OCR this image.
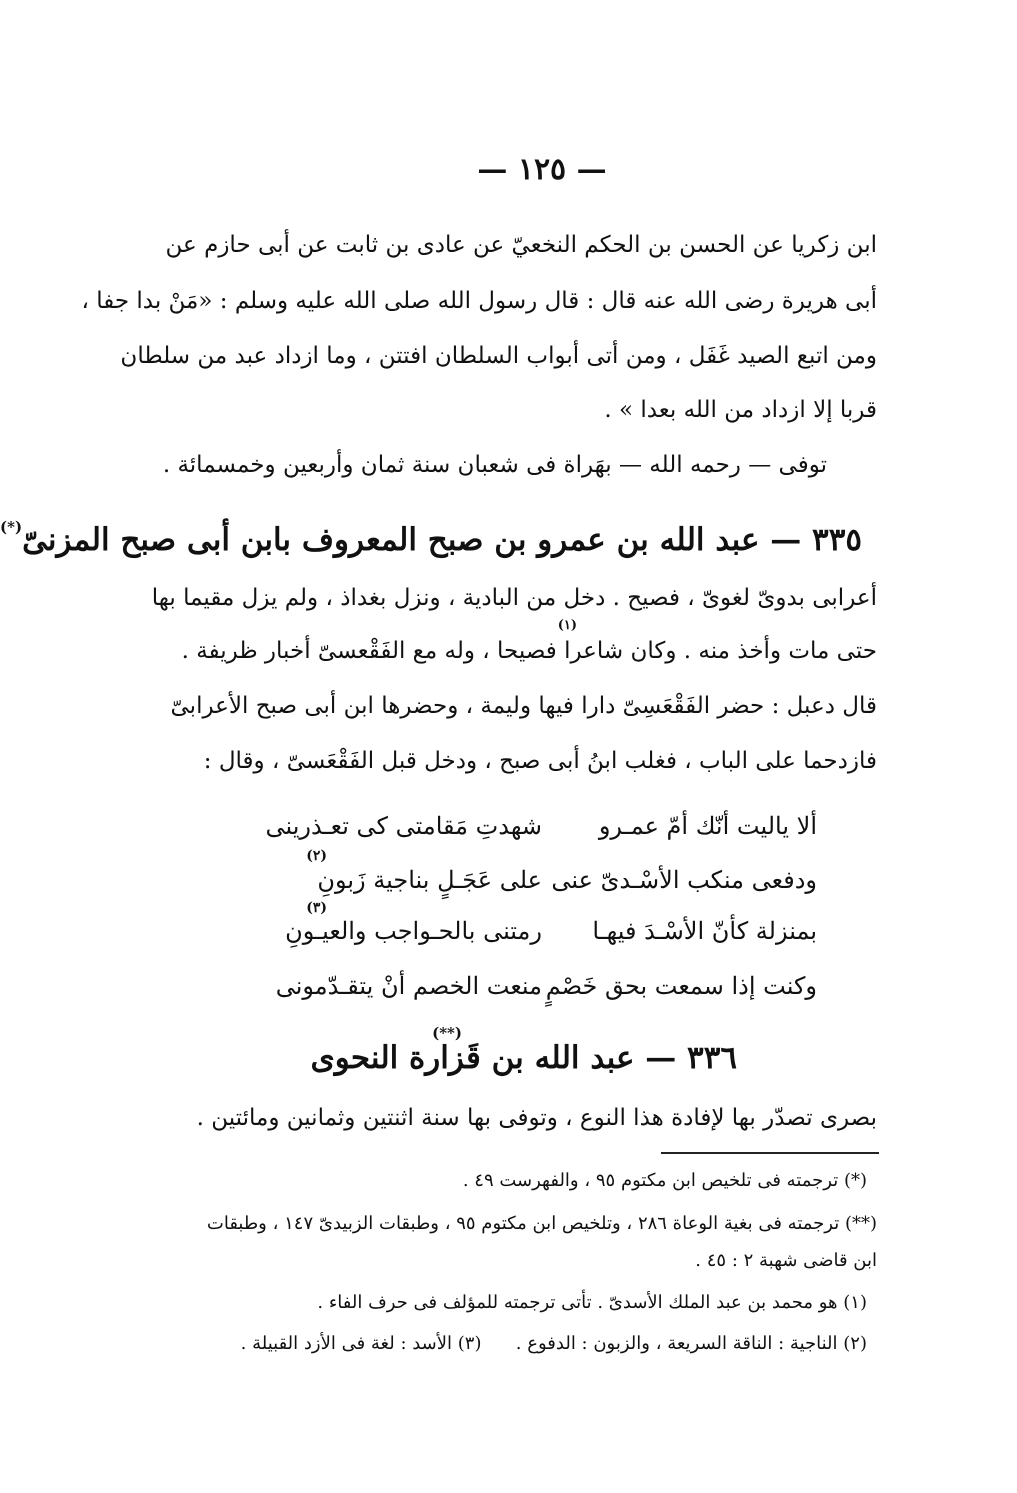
— ١٢٥ —
ابن زكريا عن الحسن بن الحكم النخعيّ عن عادى بن ثابت عن أبى حازم عن
أبى هريرة رضى الله عنه قال : قال رسول الله صلى الله عليه وسلم : «مَنْ بدا جفا ،
ومن اتبع الصيد غَفَل ، ومن أتى أبواب السلطان افتتن ، وما ازداد عبد من سلطان
قربا إلا ازداد من الله بعدا » .
توفى — رحمه الله — بهَراة فى شعبان سنة ثمان وأربعين وخمسمائة .
٣٣٥ — عبد الله بن عمرو بن صبح المعروف بابن أبى صبح المزنىّ(*)
أعرابى بدوىّ لغوىّ ، فصيح . دخل من البادية ، ونزل بغداذ ، ولم يزل مقيما بها
(١)
حتى مات وأخذ منه . وكان شاعرا فصيحا ، وله مع الفَقْعسىّ أخبار ظريفة .
قال دعبل : حضر الفَقْعَسِىّ دارا فيها وليمة ، وحضرها ابن أبى صبح الأعرابىّ
فازدحما على الباب ، فغلب ابنُ أبى صبح ، ودخل قبل الفَقْعَسىّ ، وقال :
ألا ياليت أنّك أمّ عمـرو
شهدتِ مَقامتى كى تعـذرينى
(٢)
ودفعى منكب الأسْـدىّ عنى
على عَجَـلٍ بناجية زَبونِ
(٣)
بمنزلة كأنّ الأسْـدَ فيهـا
رمتنى بالحـواجب والعيـونِ
وكنت إذا سمعت بحق خَصْمٍ
منعت الخصم أنْ يتقـدّمونى
(**)
٣٣٦ — عبد الله بن قَزارة النحوى
بصرى تصدّر بها لإفادة هذا النوع ، وتوفى بها سنة اثنتين وثمانين ومائتين .
(*) ترجمته فى تلخيص ابن مكتوم ٩٥ ، والفهرست ٤٩ .
(**) ترجمته فى بغية الوعاة ٢٨٦ ، وتلخيص ابن مكتوم ٩٥ ، وطبقات الزبيدىّ ١٤٧ ، وطبقات
ابن قاضى شهبة ٢ : ٤٥ .
(١) هو محمد بن عبد الملك الأسدىّ . تأتى ترجمته للمؤلف فى حرف الفاء .
(٢) الناجية : الناقة السريعة ، والزبون : الدفوع .      (٣) الأسد : لغة فى الأزد القبيلة .
